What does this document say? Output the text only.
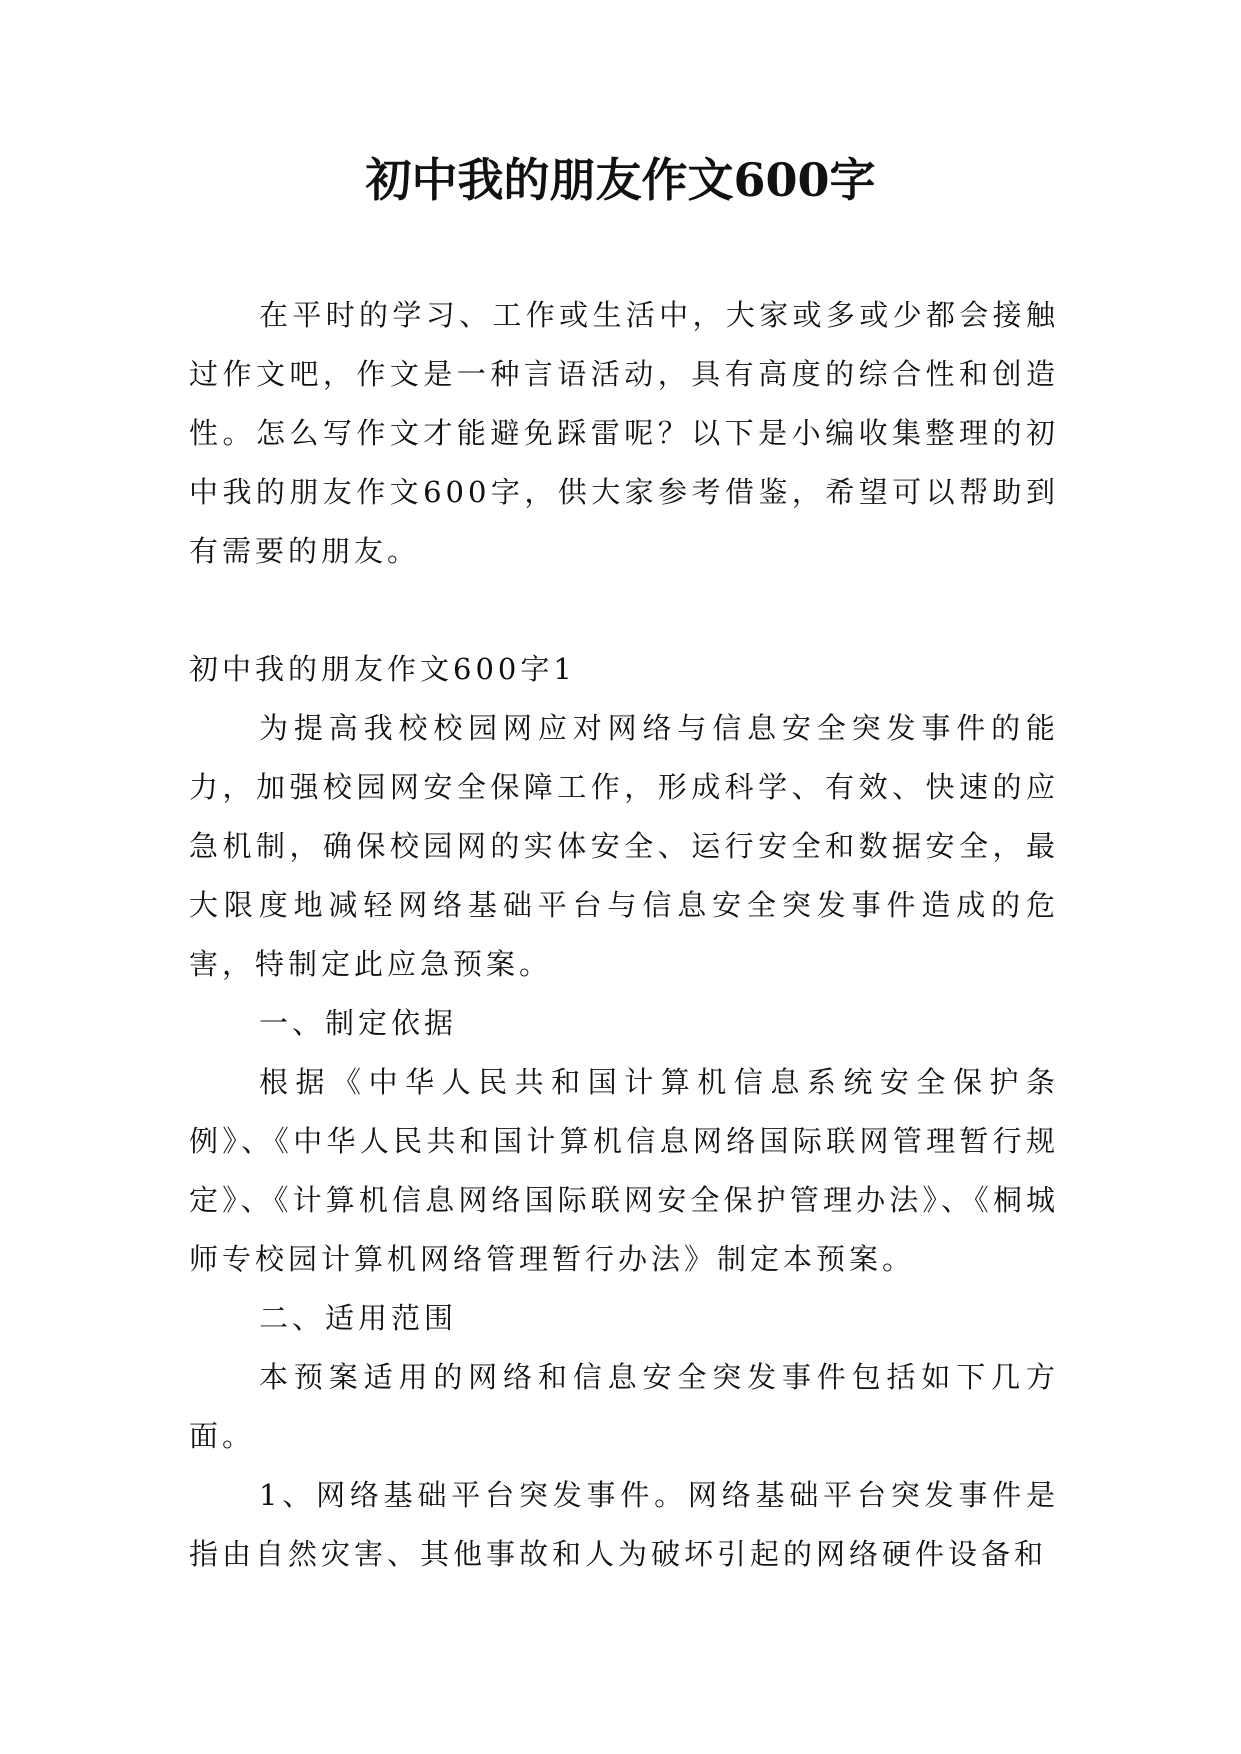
初中我的朋友作文600字

在平时的学习、工作或生活中，大家或多或少都会接触过作文吧，作文是一种言语活动，具有高度的综合性和创造性。怎么写作文才能避免踩雷呢？以下是小编收集整理的初中我的朋友作文600字，供大家参考借鉴，希望可以帮助到有需要的朋友。

初中我的朋友作文600字1

为提高我校校园网应对网络与信息安全突发事件的能力，加强校园网安全保障工作，形成科学、有效、快速的应急机制，确保校园网的实体安全、运行安全和数据安全，最大限度地减轻网络基础平台与信息安全突发事件造成的危害，特制定此应急预案。

一、制定依据

根据《中华人民共和国计算机信息系统安全保护条例》、《中华人民共和国计算机信息网络国际联网管理暂行规定》、《计算机信息网络国际联网安全保护管理办法》、《桐城师专校园计算机网络管理暂行办法》制定本预案。

二、适用范围

本预案适用的网络和信息安全突发事件包括如下几方面。

1、网络基础平台突发事件。网络基础平台突发事件是指由自然灾害、其他事故和人为破坏引起的网络硬件设备和
